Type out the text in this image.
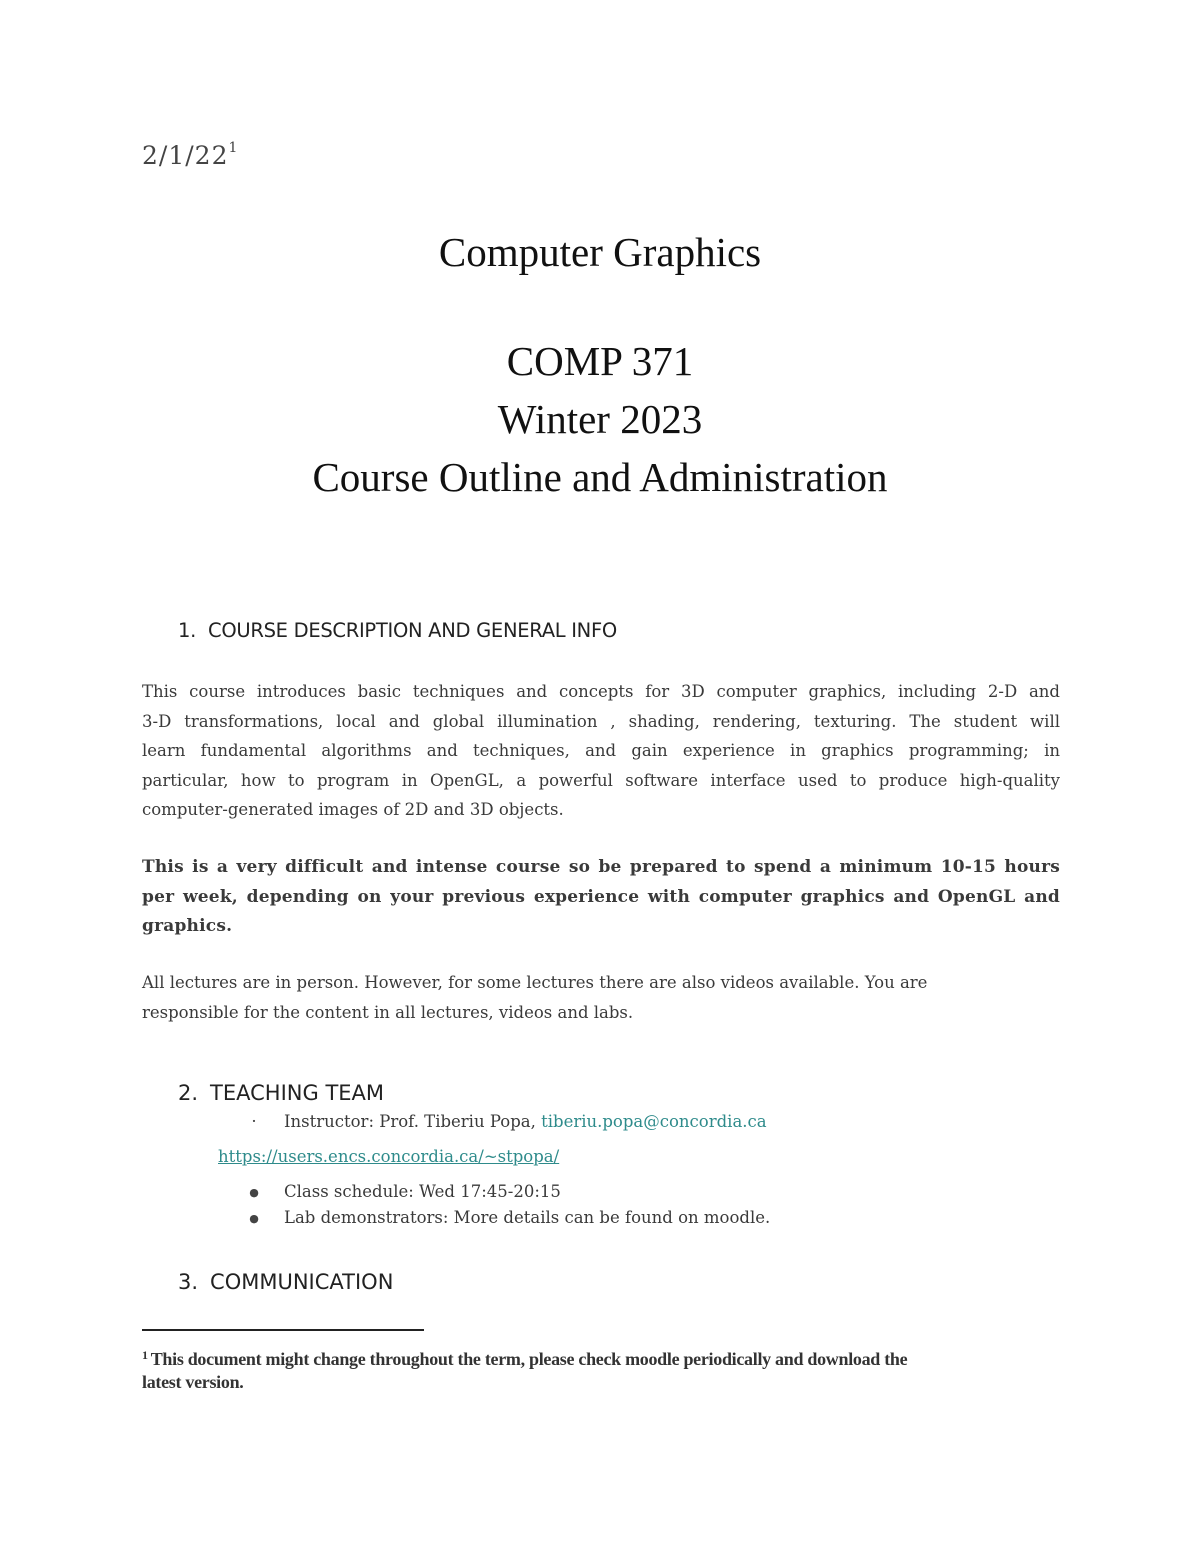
$2/1/22^1$
Computer Graphics
COMP 371
Winter 2023
Course Outline and Administration
1. COURSE DESCRIPTION AND GENERAL INFO
This course introduces basic techniques and concepts for 3D computer graphics, including 2-D and
3-D transformations, local and global illumination , shading, rendering, texturing. The student will
learn fundamental algorithms and techniques, and gain experience in graphics programming; in
particular, how to program in OpenGL, a powerful software interface used to produce high-quality
computer-generated images of 2D and 3D objects.
This is a very difficult and intense course so be prepared to spend a minimum 10-15 hours
per week, depending on your previous experience with computer graphics and OpenGL and
graphics.
All lectures are in person. However, for some lectures there are also videos available. You are
responsible for the content in all lectures, videos and labs.
2. TEACHING TEAM
·	Instructor: Prof. Tiberiu Popa, tiberiu.popa@concordia.ca
https://users.encs.concordia.ca/~stpopa/
●	Class schedule: Wed 17:45-20:15
●	Lab demonstrators: More details can be found on moodle.
3. COMMUNICATION
$^1$ This document might change throughout the term, please check moodle periodically and download the
latest version.
